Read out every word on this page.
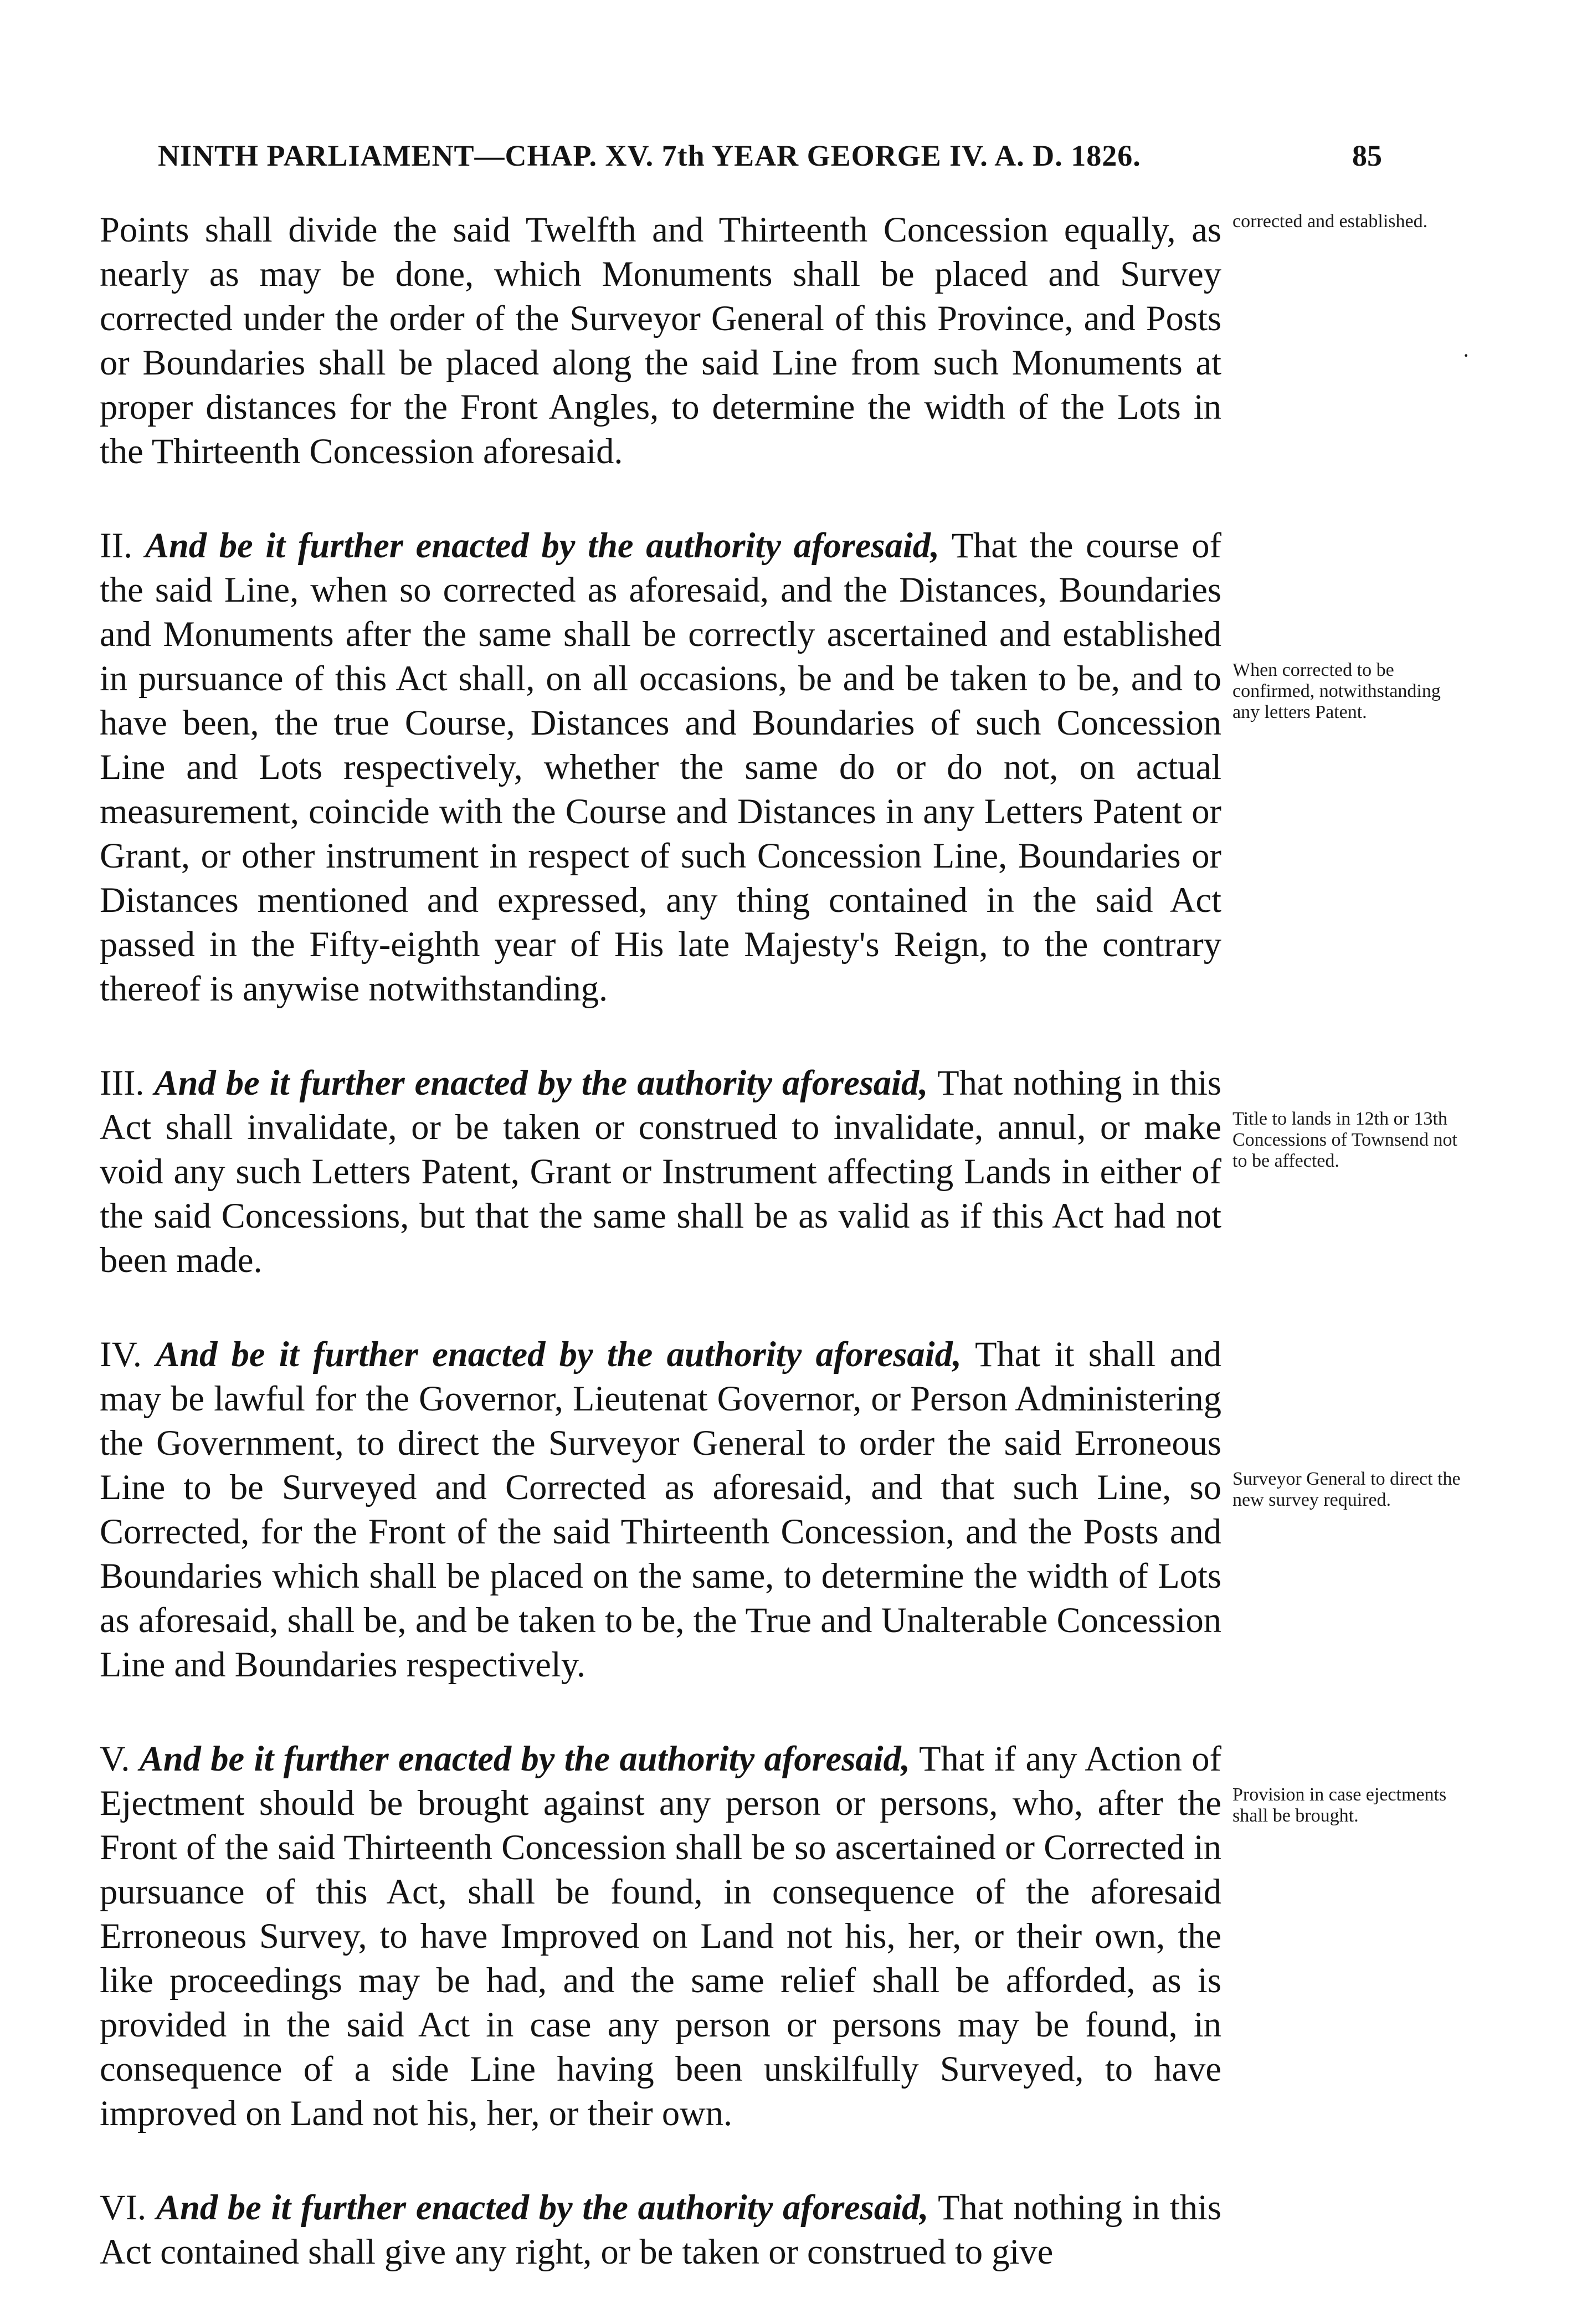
NINTH PARLIAMENT—CHAP. XV. 7th YEAR GEORGE IV. A. D. 1826.	85

Points shall divide the said Twelfth and Thirteenth Concession equally, as nearly as may be done, which Monuments shall be placed and Survey corrected under the order of the Surveyor General of this Province, and Posts or Boundaries shall be placed along the said Line from such Monuments at proper distances for the Front Angles, to determine the width of the Lots in the Thirteenth Concession aforesaid.

II. And be it further enacted by the authority aforesaid, That the course of the said Line, when so corrected as aforesaid, and the Distances, Boundaries and Monuments after the same shall be correctly ascertained and established in pursuance of this Act shall, on all occasions, be and be taken to be, and to have been, the true Course, Distances and Boundaries of such Concession Line and Lots respectively, whether the same do or do not, on actual measurement, coincide with the Course and Distances in any Letters Patent or Grant, or other instrument in respect of such Concession Line, Boundaries or Distances mentioned and expressed, any thing contained in the said Act passed in the Fifty-eighth year of His late Majesty's Reign, to the contrary thereof is anywise notwithstanding.

III. And be it further enacted by the authority aforesaid, That nothing in this Act shall invalidate, or be taken or construed to invalidate, annul, or make void any such Letters Patent, Grant or Instrument affecting Lands in either of the said Concessions, but that the same shall be as valid as if this Act had not been made.

IV. And be it further enacted by the authority aforesaid, That it shall and may be lawful for the Governor, Lieutenat Governor, or Person Administering the Government, to direct the Surveyor General to order the said Erroneous Line to be Surveyed and Corrected as aforesaid, and that such Line, so Corrected, for the Front of the said Thirteenth Concession, and the Posts and Boundaries which shall be placed on the same, to determine the width of Lots as aforesaid, shall be, and be taken to be, the True and Unalterable Concession Line and Boundaries respectively.

V. And be it further enacted by the authority aforesaid, That if any Action of Ejectment should be brought against any person or persons, who, after the Front of the said Thirteenth Concession shall be so ascertained or Corrected in pursuance of this Act, shall be found, in consequence of the aforesaid Erroneous Survey, to have Improved on Land not his, her, or their own, the like proceedings may be had, and the same relief shall be afforded, as is provided in the said Act in case any person or persons may be found, in consequence of a side Line having been unskilfully Surveyed, to have improved on Land not his, her, or their own.

VI. And be it further enacted by the authority aforesaid, That nothing in this Act contained shall give any right, or be taken or construed to give

corrected and established.
When corrected to be confirmed, notwithstanding any letters Patent.
Title to lands in 12th or 13th Concessions of Townsend not to be affected.
Surveyor General to direct the new survey required.
Provision in case ejectments shall be brought.
·
